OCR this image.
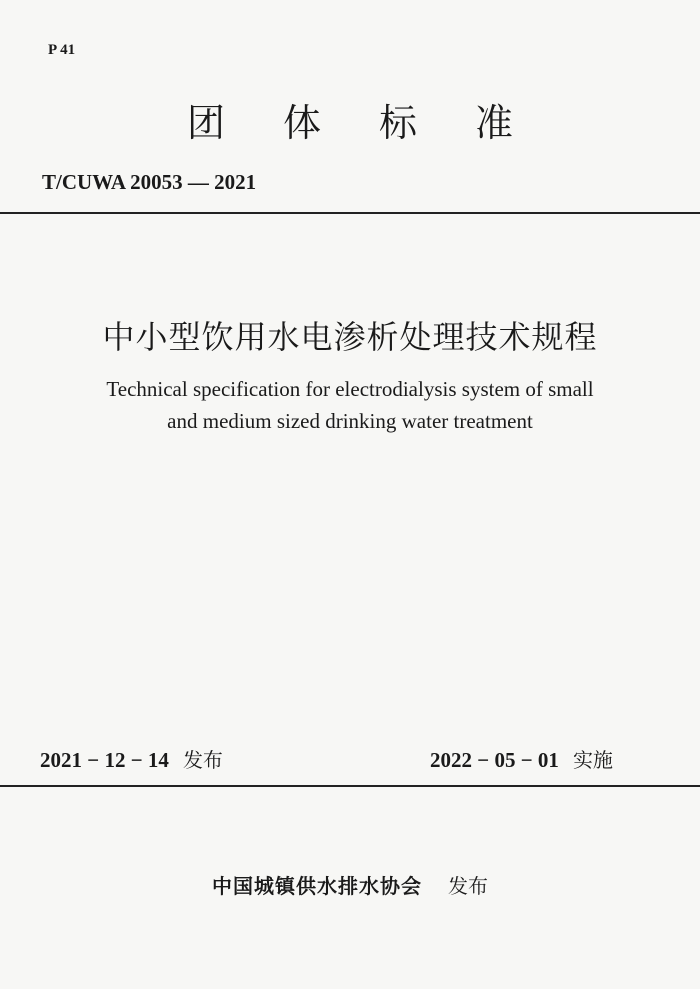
P 41
团体标准
T/CUWA 20053 — 2021
中小型饮用水电渗析处理技术规程
Technical specification for electrodialysis system of small
and medium sized drinking water treatment
2021 − 12 − 14 发布	2022 − 05 − 01 实施
中国城镇供水排水协会 发布
